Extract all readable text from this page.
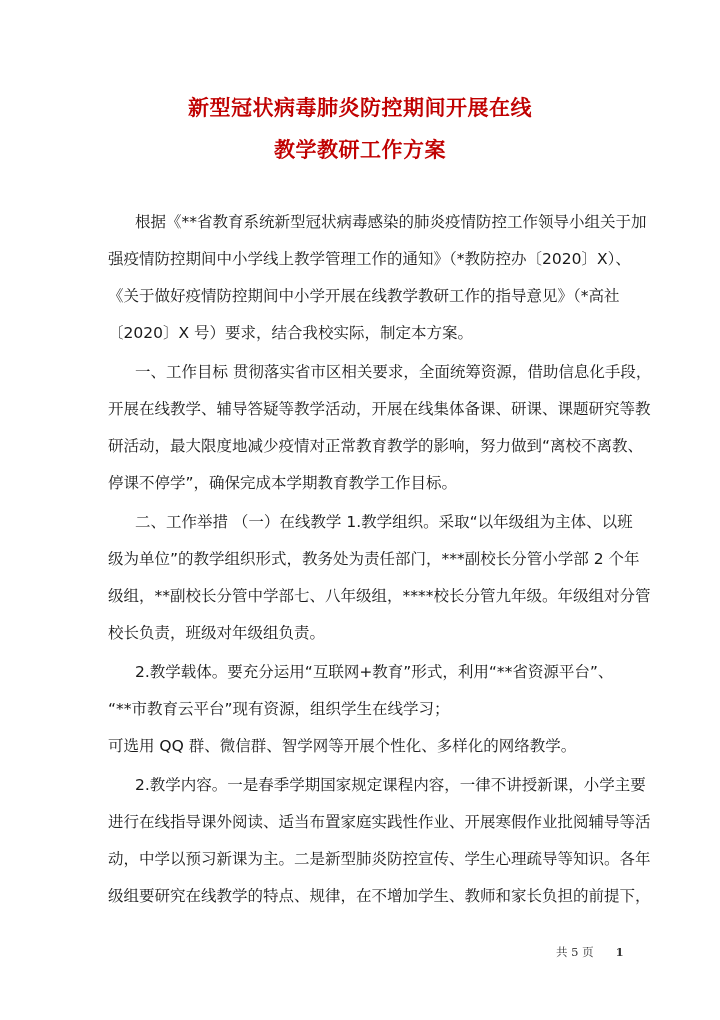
新型冠状病毒肺炎防控期间开展在线
教学教研工作方案
根据《**省教育系统新型冠状病毒感染的肺炎疫情防控工作领导小组关于加
强疫情防控期间中小学线上教学管理工作的通知》（*教防控办〔2020〕X）、
《关于做好疫情防控期间中小学开展在线教学教研工作的指导意见》（*高社
〔2020〕X 号）要求，结合我校实际，制定本方案。
一、工作目标 贯彻落实省市区相关要求，全面统筹资源，借助信息化手段，
开展在线教学、辅导答疑等教学活动，开展在线集体备课、研课、课题研究等教
研活动，最大限度地减少疫情对正常教育教学的影响，努力做到“离校不离教、
停课不停学”，确保完成本学期教育教学工作目标。
二、工作举措 （一）在线教学 1.教学组织。采取“以年级组为主体、以班
级为单位”的教学组织形式，教务处为责任部门，***副校长分管小学部 2 个年
级组，**副校长分管中学部七、八年级组，****校长分管九年级。年级组对分管
校长负责，班级对年级组负责。
2.教学载体。要充分运用“互联网+教育”形式，利用“**省资源平台”、
“**市教育云平台”现有资源，组织学生在线学习；
可选用 QQ 群、微信群、智学网等开展个性化、多样化的网络教学。
2.教学内容。一是春季学期国家规定课程内容，一律不讲授新课，小学主要
进行在线指导课外阅读、适当布置家庭实践性作业、开展寒假作业批阅辅导等活
动，中学以预习新课为主。二是新型肺炎防控宣传、学生心理疏导等知识。各年
级组要研究在线教学的特点、规律，在不增加学生、教师和家长负担的前提下，
共 5 页 1
